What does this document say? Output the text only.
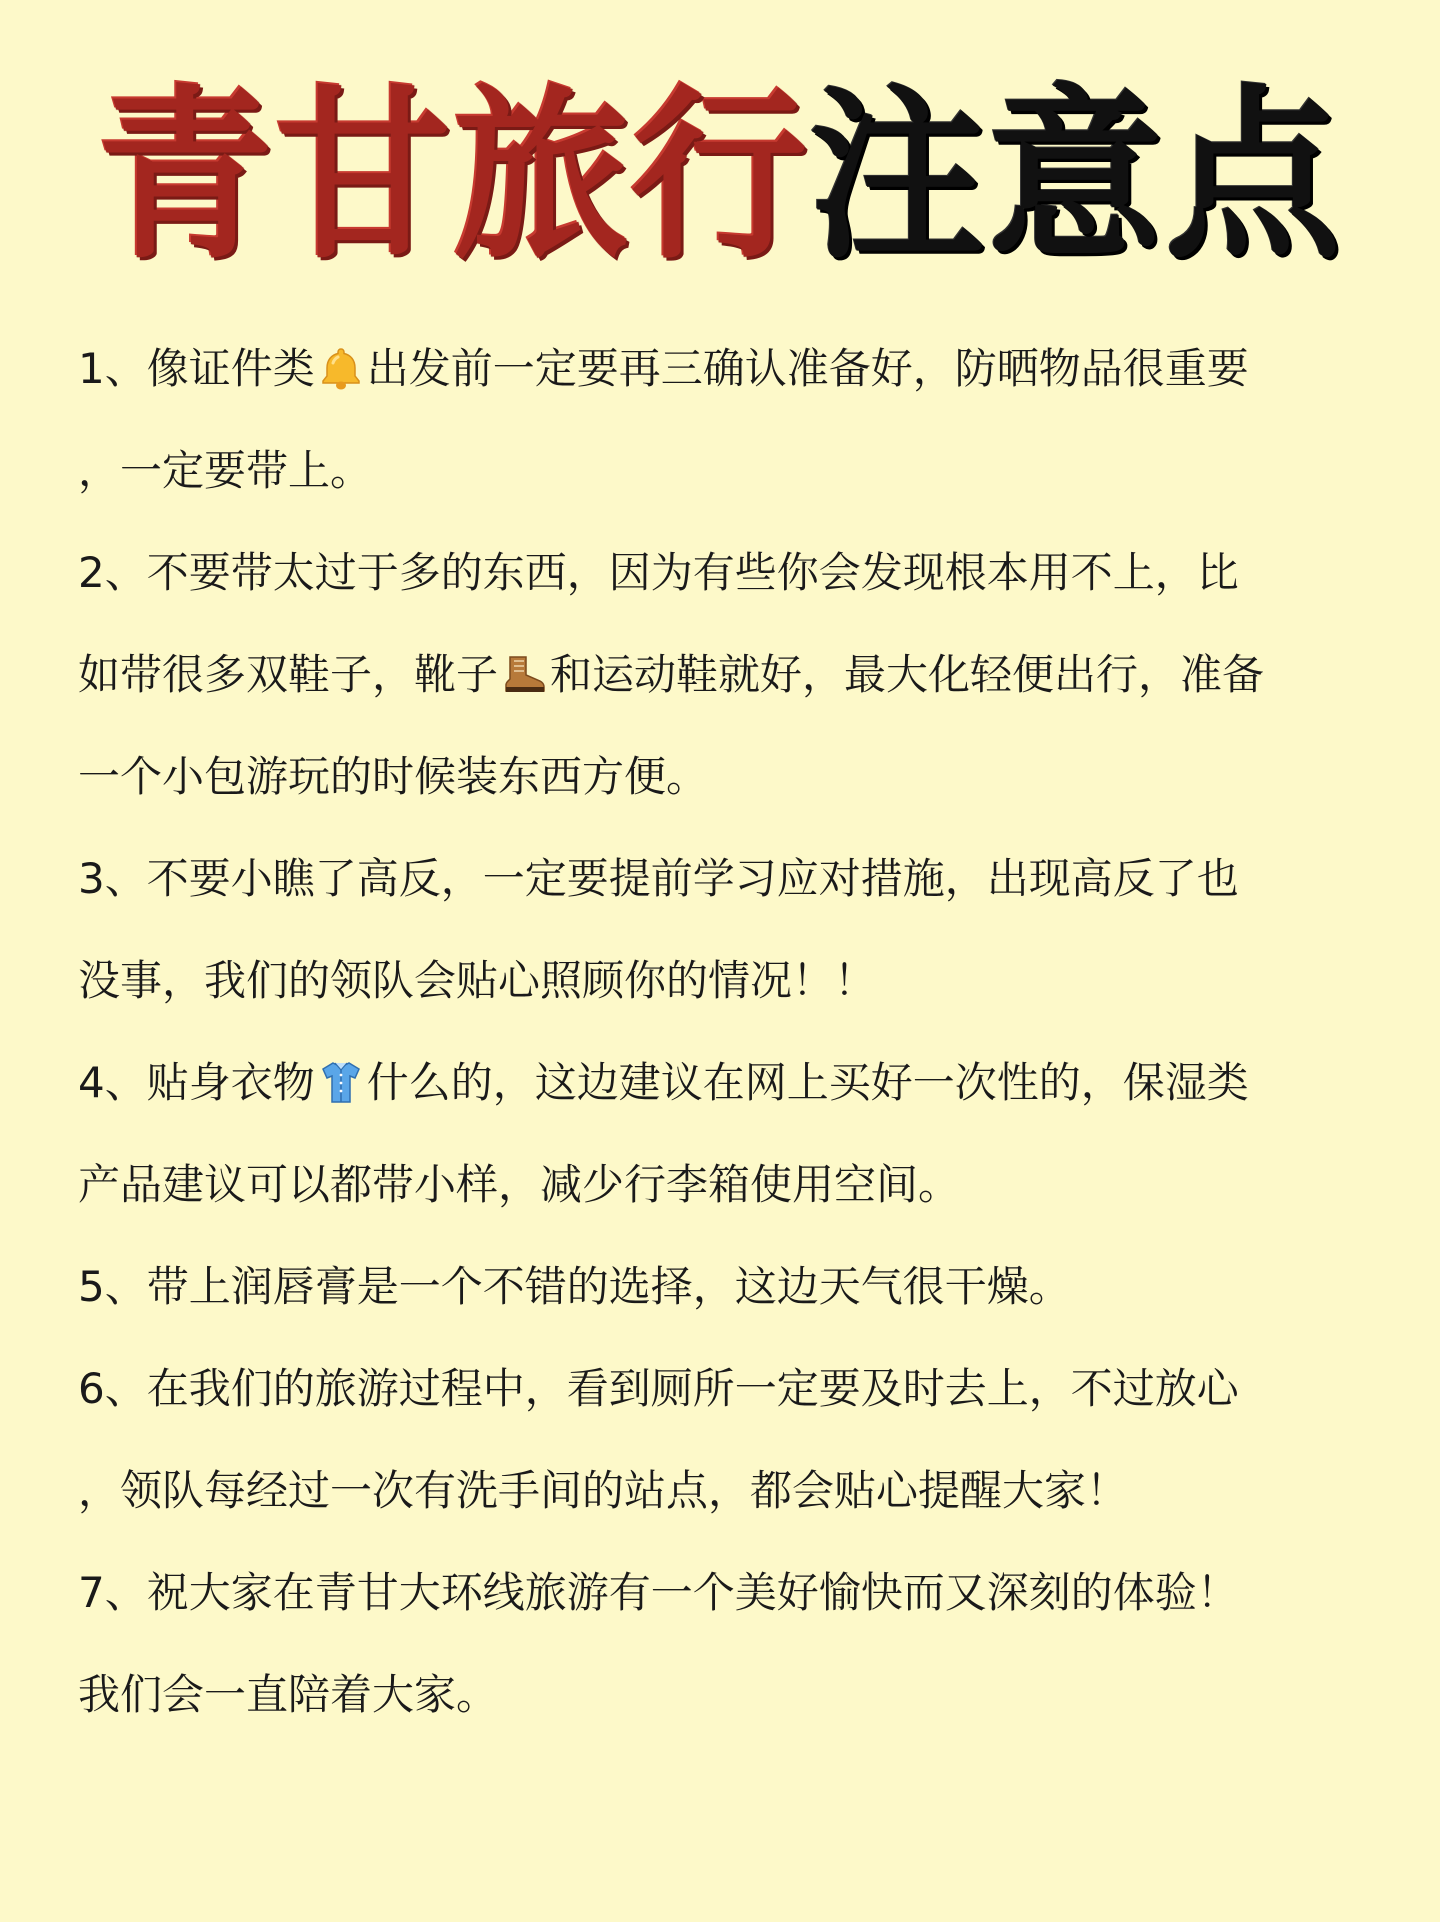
青甘旅行 注意点
1、像证件类 出发前一定要再三确认准备好，防晒物品很重要
，一定要带上。
2、不要带太过于多的东西，因为有些你会发现根本用不上，比
如带很多双鞋子，靴子 和运动鞋就好，最大化轻便出行，准备
一个小包游玩的时候装东西方便。
3、不要小瞧了高反，一定要提前学习应对措施，出现高反了也
没事，我们的领队会贴心照顾你的情况！！
4、贴身衣物 什么的，这边建议在网上买好一次性的，保湿类
产品建议可以都带小样，减少行李箱使用空间。
5、带上润唇膏是一个不错的选择，这边天气很干燥。
6、在我们的旅游过程中，看到厕所一定要及时去上，不过放心
，领队每经过一次有洗手间的站点，都会贴心提醒大家！
7、祝大家在青甘大环线旅游有一个美好愉快而又深刻的体验！
我们会一直陪着大家。
